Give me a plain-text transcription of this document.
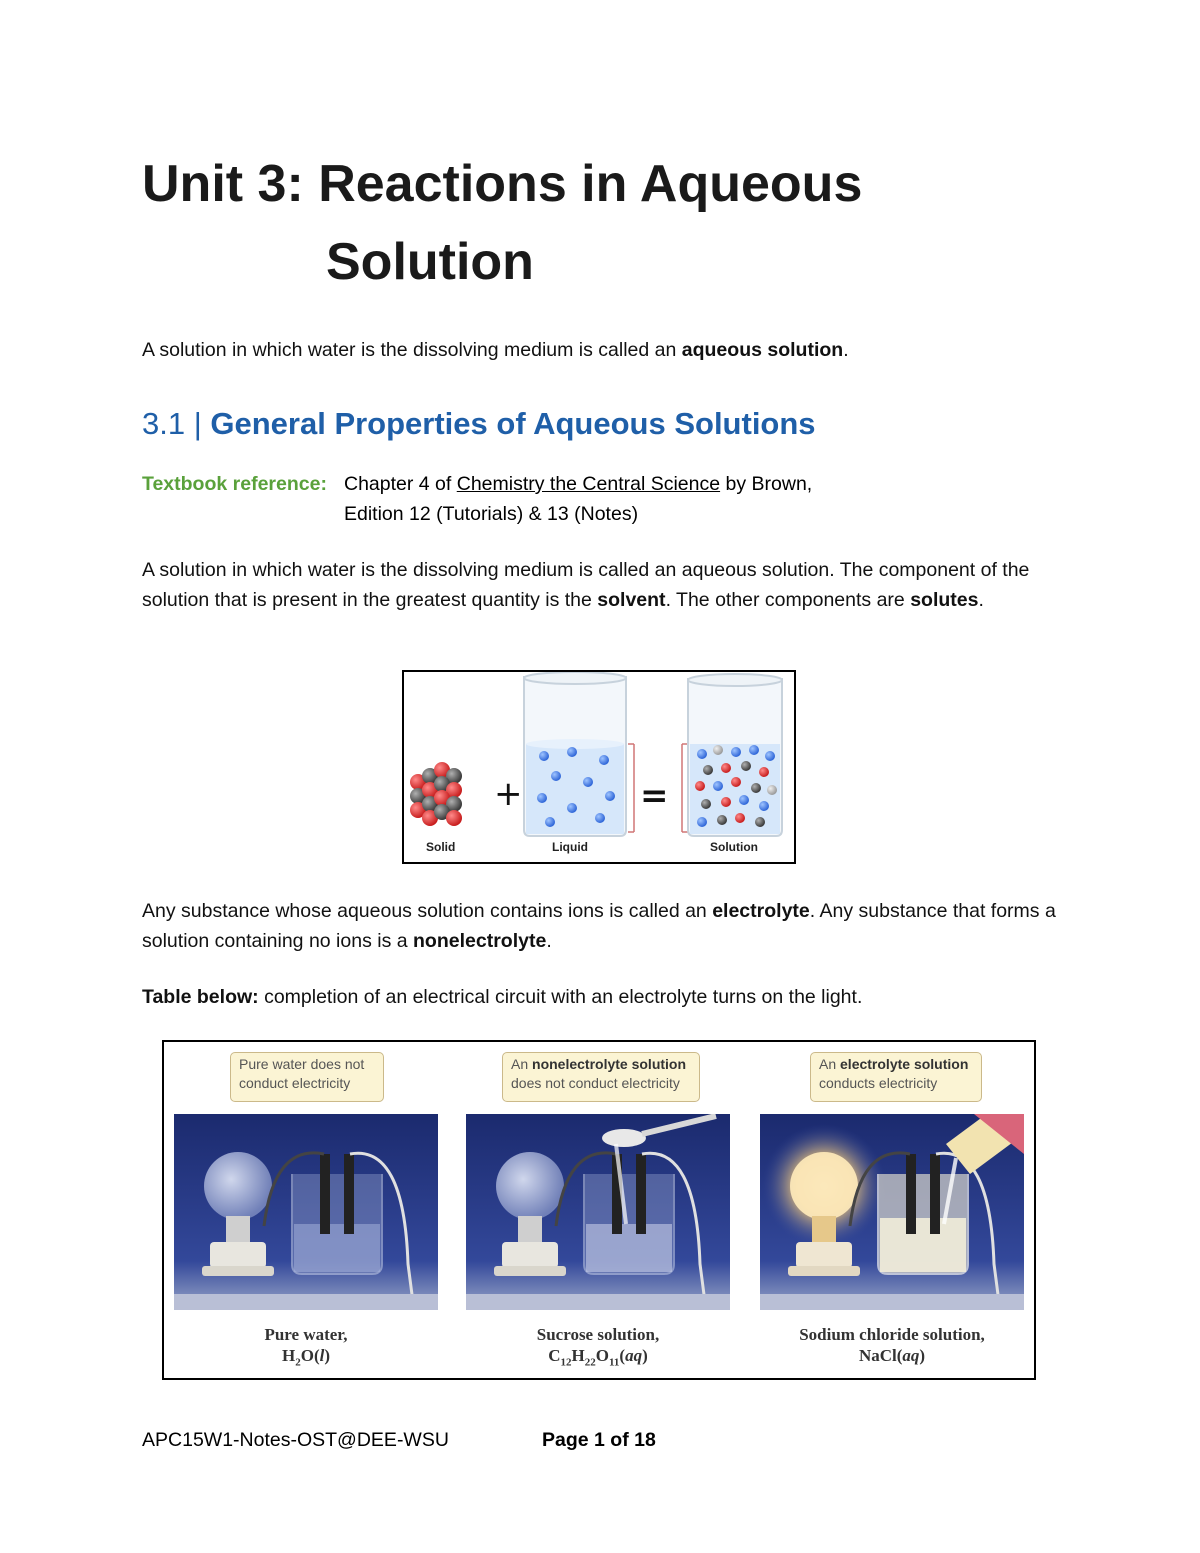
Unit 3: Reactions in Aqueous
Solution
A solution in which water is the dissolving medium is called an aqueous solution.
3.1 | General Properties of Aqueous Solutions
Textbook reference: Chapter 4 of Chemistry the Central Science by Brown,
Edition 12 (Tutorials) & 13 (Notes)
A solution in which water is the dissolving medium is called an aqueous solution. The component of the solution that is present in the greatest quantity is the solvent. The other components are solutes.
+	=
Solid	Liquid	Solution
Any substance whose aqueous solution contains ions is called an electrolyte. Any substance that forms a solution containing no ions is a nonelectrolyte.
Table below: completion of an electrical circuit with an electrolyte turns on the light.
Pure water does not
conduct electricity
An nonelectrolyte solution
does not conduct electricity
An electrolyte solution
conducts electricity
Pure water,
$H_2O(l)$
Sucrose solution,
$C_{12}H_{22}O_{11}(aq)$
Sodium chloride solution,
NaCl(aq)
APC15W1-Notes-OST@DEE-WSU	Page 1 of 18
